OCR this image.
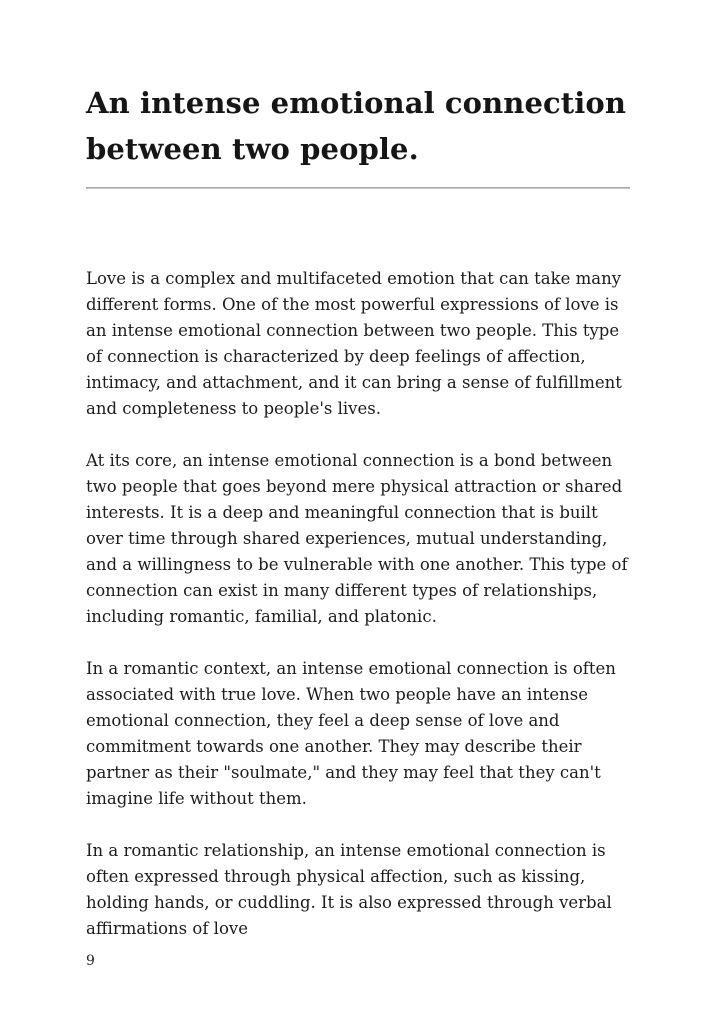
An intense emotional connection between two people.

Love is a complex and multifaceted emotion that can take many different forms. One of the most powerful expressions of love is an intense emotional connection between two people. This type of connection is characterized by deep feelings of affection, intimacy, and attachment, and it can bring a sense of fulfillment and completeness to people's lives.

At its core, an intense emotional connection is a bond between two people that goes beyond mere physical attraction or shared interests. It is a deep and meaningful connection that is built over time through shared experiences, mutual understanding, and a willingness to be vulnerable with one another. This type of connection can exist in many different types of relationships, including romantic, familial, and platonic.

In a romantic context, an intense emotional connection is often associated with true love. When two people have an intense emotional connection, they feel a deep sense of love and commitment towards one another. They may describe their partner as their "soulmate," and they may feel that they can't imagine life without them.

In a romantic relationship, an intense emotional connection is often expressed through physical affection, such as kissing, holding hands, or cuddling. It is also expressed through verbal affirmations of love

9
